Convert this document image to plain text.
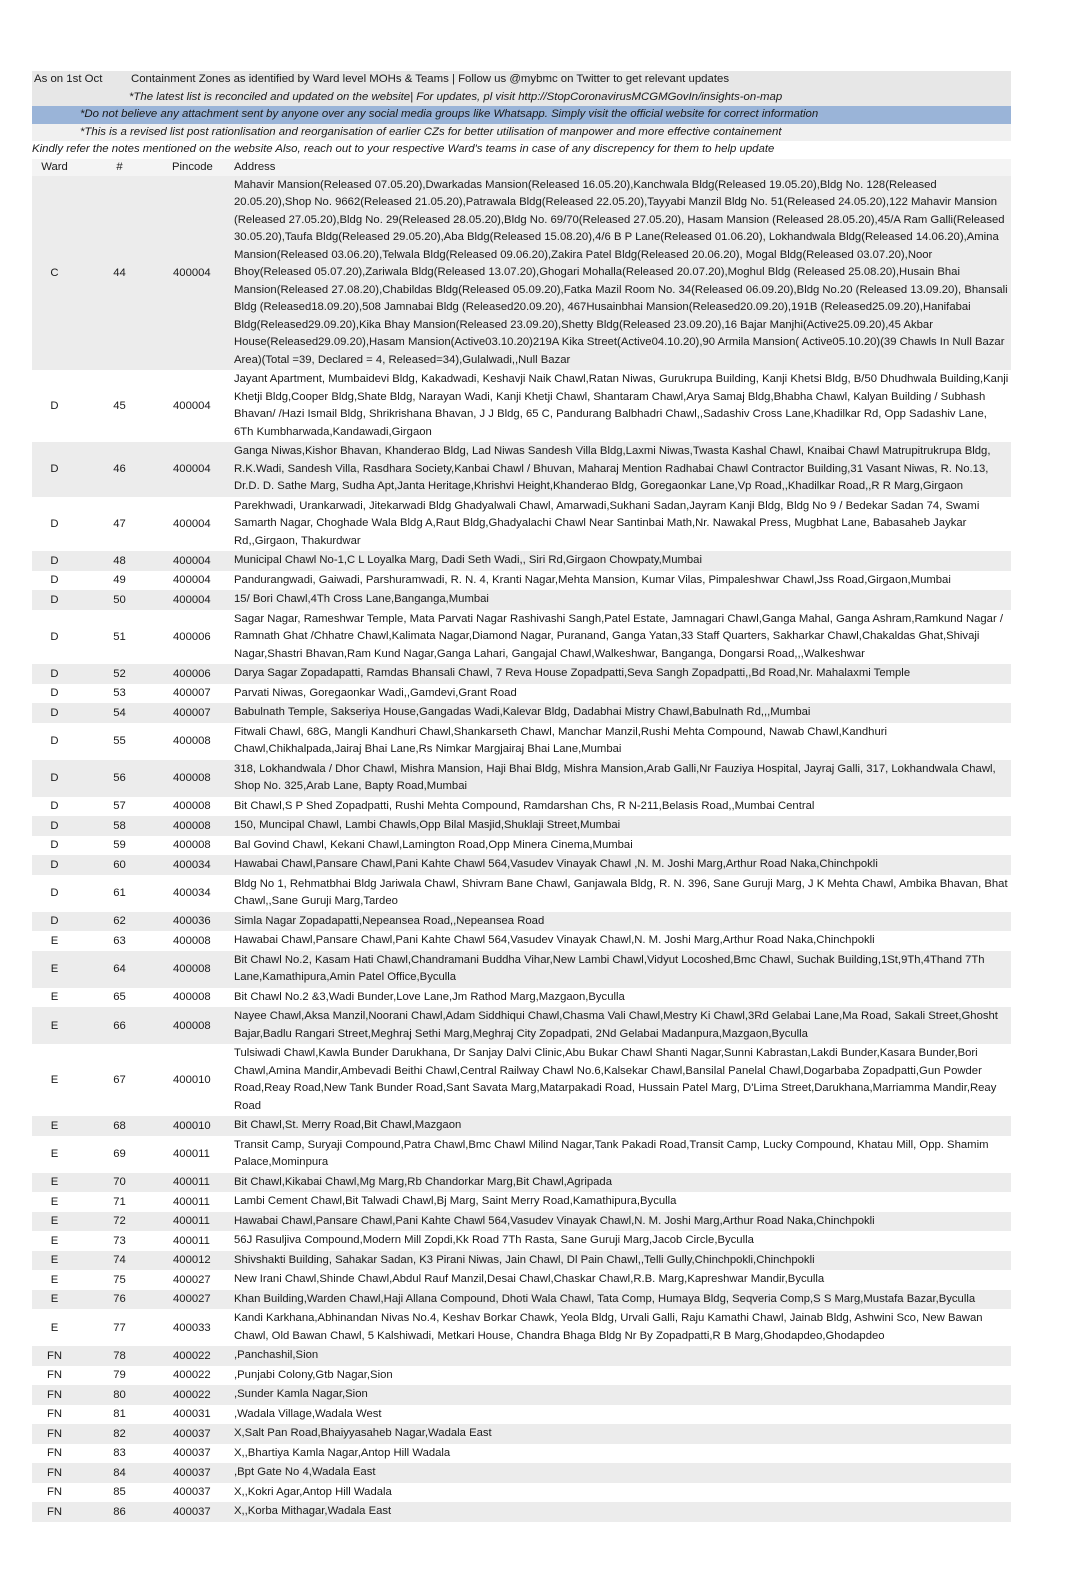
As on 1st Oct	Containment Zones as identified by Ward level MOHs & Teams | Follow us @mybmc on Twitter to get relevant updates
*The latest list is reconciled and updated on the website| For updates, pl visit http://StopCoronavirusMCGMGovIn/insights-on-map
*Do not believe any attachment sent by anyone over any social media groups like Whatsapp. Simply visit the official website for correct information
*This is a revised list post rationlisation and reorganisation of earlier CZs for better utilisation of manpower and more effective containement
Kindly refer the notes mentioned on the website Also, reach out to your respective Ward's teams in case of any discrepency for them to help update
Ward	#	Pincode	Address
C	44	400004	Mahavir Mansion(Released 07.05.20),Dwarkadas Mansion(Released 16.05.20),Kanchwala Bldg(Released 19.05.20),Bldg No. 128(Released 20.05.20),Shop No. 9662(Released 21.05.20),Patrawala Bldg(Released 22.05.20),Tayyabi Manzil Bldg No. 51(Released 24.05.20),122 Mahavir Mansion (Released 27.05.20),Bldg No. 29(Released 28.05.20),Bldg No. 69/70(Released 27.05.20), Hasam Mansion (Released 28.05.20),45/A Ram Galli(Released 30.05.20),Taufa Bldg(Released 29.05.20),Aba Bldg(Released 15.08.20),4/6 B P Lane(Released 01.06.20), Lokhandwala Bldg(Released 14.06.20),Amina Mansion(Released 03.06.20),Telwala Bldg(Released 09.06.20),Zakira Patel Bldg(Released 20.06.20), Mogal Bldg(Released 03.07.20),Noor Bhoy(Released 05.07.20),Zariwala Bldg(Released 13.07.20),Ghogari Mohalla(Released 20.07.20),Moghul Bldg (Released 25.08.20),Husain Bhai Mansion(Released 27.08.20),Chabildas Bldg(Released 05.09.20),Fatka Mazil Room No. 34(Released 06.09.20),Bldg No.20 (Released 13.09.20), Bhansali Bldg (Released18.09.20),508 Jamnabai Bldg (Released20.09.20), 467Husainbhai Mansion(Released20.09.20),191B (Released25.09.20),Hanifabai Bldg(Released29.09.20),Kika Bhay Mansion(Released 23.09.20),Shetty Bldg(Released 23.09.20),16 Bajar Manjhi(Active25.09.20),45 Akbar House(Released29.09.20),Hasam Mansion(Active03.10.20)219A Kika Street(Active04.10.20),90 Armila Mansion( Active05.10.20)(39 Chawls In Null Bazar Area)(Total =39, Declared = 4, Released=34),Gulalwadi,,Null Bazar
D	45	400004	Jayant Apartment, Mumbaidevi Bldg, Kakadwadi, Keshavji Naik Chawl,Ratan Niwas, Gurukrupa Building, Kanji Khetsi Bldg, B/50 Dhudhwala Building,Kanji Khetji Bldg,Cooper Bldg,Shate Bldg, Narayan Wadi, Kanji Khetji Chawl, Shantaram Chawl,Arya Samaj Bldg,Bhabha Chawl, Kalyan Building / Subhash Bhavan/ /Hazi Ismail Bldg, Shrikrishana Bhavan, J J Bldg, 65 C, Pandurang Balbhadri Chawl,,Sadashiv Cross Lane,Khadilkar Rd, Opp Sadashiv Lane, 6Th Kumbharwada,Kandawadi,Girgaon
D	46	400004	Ganga Niwas,Kishor Bhavan, Khanderao Bldg, Lad Niwas Sandesh Villa Bldg,Laxmi Niwas,Twasta Kashal Chawl, Knaibai Chawl Matrupitrukrupa Bldg, R.K.Wadi, Sandesh Villa, Rasdhara Society,Kanbai Chawl / Bhuvan, Maharaj Mention Radhabai Chawl Contractor Building,31 Vasant Niwas, R. No.13, Dr.D. D. Sathe Marg, Sudha Apt,Janta Heritage,Khrishvi Height,Khanderao Bldg, Goregaonkar Lane,Vp Road,,Khadilkar Road,,R R Marg,Girgaon
D	47	400004	Parekhwadi, Urankarwadi, Jitekarwadi Bldg Ghadyalwali Chawl, Amarwadi,Sukhani Sadan,Jayram Kanji Bldg, Bldg No 9 / Bedekar Sadan 74, Swami Samarth Nagar, Choghade Wala Bldg A,Raut Bldg,Ghadyalachi Chawl Near Santinbai Math,Nr. Nawakal Press, Mugbhat Lane, Babasaheb Jaykar Rd,,Girgaon, Thakurdwar
D	48	400004	Municipal Chawl No-1,C L Loyalka Marg, Dadi Seth Wadi,, Siri Rd,Girgaon Chowpaty,Mumbai
D	49	400004	Pandurangwadi, Gaiwadi, Parshuramwadi, R. N. 4, Kranti Nagar,Mehta Mansion, Kumar Vilas, Pimpaleshwar Chawl,Jss Road,Girgaon,Mumbai
D	50	400004	15/ Bori Chawl,4Th Cross Lane,Banganga,Mumbai
D	51	400006	Sagar Nagar, Rameshwar Temple, Mata Parvati Nagar Rashivashi Sangh,Patel Estate, Jamnagari Chawl,Ganga Mahal, Ganga Ashram,Ramkund Nagar / Ramnath Ghat /Chhatre Chawl,Kalimata Nagar,Diamond Nagar, Puranand, Ganga Yatan,33 Staff Quarters, Sakharkar Chawl,Chakaldas Ghat,Shivaji Nagar,Shastri Bhavan,Ram Kund Nagar,Ganga Lahari, Gangajal Chawl,Walkeshwar, Banganga, Dongarsi Road,,,Walkeshwar
D	52	400006	Darya Sagar Zopadapatti, Ramdas Bhansali Chawl, 7 Reva House Zopadpatti,Seva Sangh Zopadpatti,,Bd Road,Nr. Mahalaxmi Temple
D	53	400007	Parvati Niwas, Goregaonkar Wadi,,Gamdevi,Grant Road
D	54	400007	Babulnath Temple, Sakseriya House,Gangadas Wadi,Kalevar Bldg, Dadabhai Mistry Chawl,Babulnath Rd,,,Mumbai
D	55	400008	Fitwali Chawl, 68G, Mangli Kandhuri Chawl,Shankarseth Chawl, Manchar Manzil,Rushi Mehta Compound, Nawab Chawl,Kandhuri Chawl,Chikhalpada,Jairaj Bhai Lane,Rs Nimkar Margjairaj Bhai Lane,Mumbai
D	56	400008	318, Lokhandwala / Dhor Chawl, Mishra Mansion, Haji Bhai Bldg, Mishra Mansion,Arab Galli,Nr Fauziya Hospital, Jayraj Galli, 317, Lokhandwala Chawl, Shop No. 325,Arab Lane, Bapty Road,Mumbai
D	57	400008	Bit Chawl,S P Shed Zopadpatti, Rushi Mehta Compound, Ramdarshan Chs, R N-211,Belasis Road,,Mumbai Central
D	58	400008	150, Muncipal Chawl, Lambi Chawls,Opp Bilal Masjid,Shuklaji Street,Mumbai
D	59	400008	Bal Govind Chawl, Kekani Chawl,Lamington Road,Opp Minera Cinema,Mumbai
D	60	400034	Hawabai Chawl,Pansare Chawl,Pani Kahte Chawl 564,Vasudev Vinayak Chawl ,N. M. Joshi Marg,Arthur Road Naka,Chinchpokli
D	61	400034	Bldg No 1, Rehmatbhai Bldg Jariwala Chawl, Shivram Bane Chawl, Ganjawala Bldg, R. N. 396, Sane Guruji Marg, J K Mehta Chawl, Ambika Bhavan, Bhat Chawl,,Sane Guruji Marg,Tardeo
D	62	400036	Simla Nagar Zopadapatti,Nepeansea Road,,Nepeansea Road
E	63	400008	Hawabai Chawl,Pansare Chawl,Pani Kahte Chawl 564,Vasudev Vinayak Chawl,N. M. Joshi Marg,Arthur Road Naka,Chinchpokli
E	64	400008	Bit Chawl No.2, Kasam Hati Chawl,Chandramani Buddha Vihar,New Lambi Chawl,Vidyut Locoshed,Bmc Chawl, Suchak Building,1St,9Th,4Thand 7Th Lane,Kamathipura,Amin Patel Office,Byculla
E	65	400008	Bit Chawl No.2 &3,Wadi Bunder,Love Lane,Jm Rathod Marg,Mazgaon,Byculla
E	66	400008	Nayee Chawl,Aksa Manzil,Noorani Chawl,Adam Siddhiqui Chawl,Chasma Vali Chawl,Mestry Ki Chawl,3Rd Gelabai Lane,Ma Road, Sakali Street,Ghosht Bajar,Badlu Rangari Street,Meghraj Sethi Marg,Meghraj City Zopadpati, 2Nd Gelabai Madanpura,Mazgaon,Byculla
E	67	400010	Tulsiwadi Chawl,Kawla Bunder Darukhana, Dr Sanjay Dalvi Clinic,Abu Bukar Chawl Shanti Nagar,Sunni Kabrastan,Lakdi Bunder,Kasara Bunder,Bori Chawl,Amina Mandir,Ambevadi Beithi Chawl,Central Railway Chawl No.6,Kalsekar Chawl,Bansilal Panelal Chawl,Dogarbaba Zopadpatti,Gun Powder Road,Reay Road,New Tank Bunder Road,Sant Savata Marg,Matarpakadi Road, Hussain Patel Marg, D'Lima Street,Darukhana,Marriamma Mandir,Reay Road
E	68	400010	Bit Chawl,St. Merry Road,Bit Chawl,Mazgaon
E	69	400011	Transit Camp, Suryaji Compound,Patra Chawl,Bmc Chawl Milind Nagar,Tank Pakadi Road,Transit Camp, Lucky Compound, Khatau Mill, Opp. Shamim Palace,Mominpura
E	70	400011	Bit Chawl,Kikabai Chawl,Mg Marg,Rb Chandorkar Marg,Bit Chawl,Agripada
E	71	400011	Lambi Cement Chawl,Bit Talwadi Chawl,Bj Marg, Saint Merry Road,Kamathipura,Byculla
E	72	400011	Hawabai Chawl,Pansare Chawl,Pani Kahte Chawl 564,Vasudev Vinayak Chawl,N. M. Joshi Marg,Arthur Road Naka,Chinchpokli
E	73	400011	56J Rasuljiva Compound,Modern Mill Zopdi,Kk Road 7Th Rasta, Sane Guruji Marg,Jacob Circle,Byculla
E	74	400012	Shivshakti Building, Sahakar Sadan, K3 Pirani Niwas, Jain Chawl, Dl Pain Chawl,,Telli Gully,Chinchpokli,Chinchpokli
E	75	400027	New Irani Chawl,Shinde Chawl,Abdul Rauf Manzil,Desai Chawl,Chaskar Chawl,R.B. Marg,Kapreshwar Mandir,Byculla
E	76	400027	Khan Building,Warden Chawl,Haji Allana Compound, Dhoti Wala Chawl, Tata Comp, Humaya Bldg, Seqveria Comp,S S Marg,Mustafa Bazar,Byculla
E	77	400033	Kandi Karkhana,Abhinandan Nivas No.4, Keshav Borkar Chawk, Yeola Bldg, Urvali Galli, Raju Kamathi Chawl, Jainab Bldg, Ashwini Sco, New Bawan Chawl, Old Bawan Chawl, 5 Kalshiwadi, Metkari House, Chandra Bhaga Bldg Nr By Zopadpatti,R B Marg,Ghodapdeo,Ghodapdeo
FN	78	400022	,Panchashil,Sion
FN	79	400022	,Punjabi Colony,Gtb Nagar,Sion
FN	80	400022	,Sunder Kamla Nagar,Sion
FN	81	400031	,Wadala Village,Wadala West
FN	82	400037	X,Salt Pan Road,Bhaiyyasaheb Nagar,Wadala East
FN	83	400037	X,,Bhartiya Kamla Nagar,Antop Hill Wadala
FN	84	400037	,Bpt Gate No 4,Wadala East
FN	85	400037	X,,Kokri Agar,Antop Hill Wadala
FN	86	400037	X,,Korba Mithagar,Wadala East
